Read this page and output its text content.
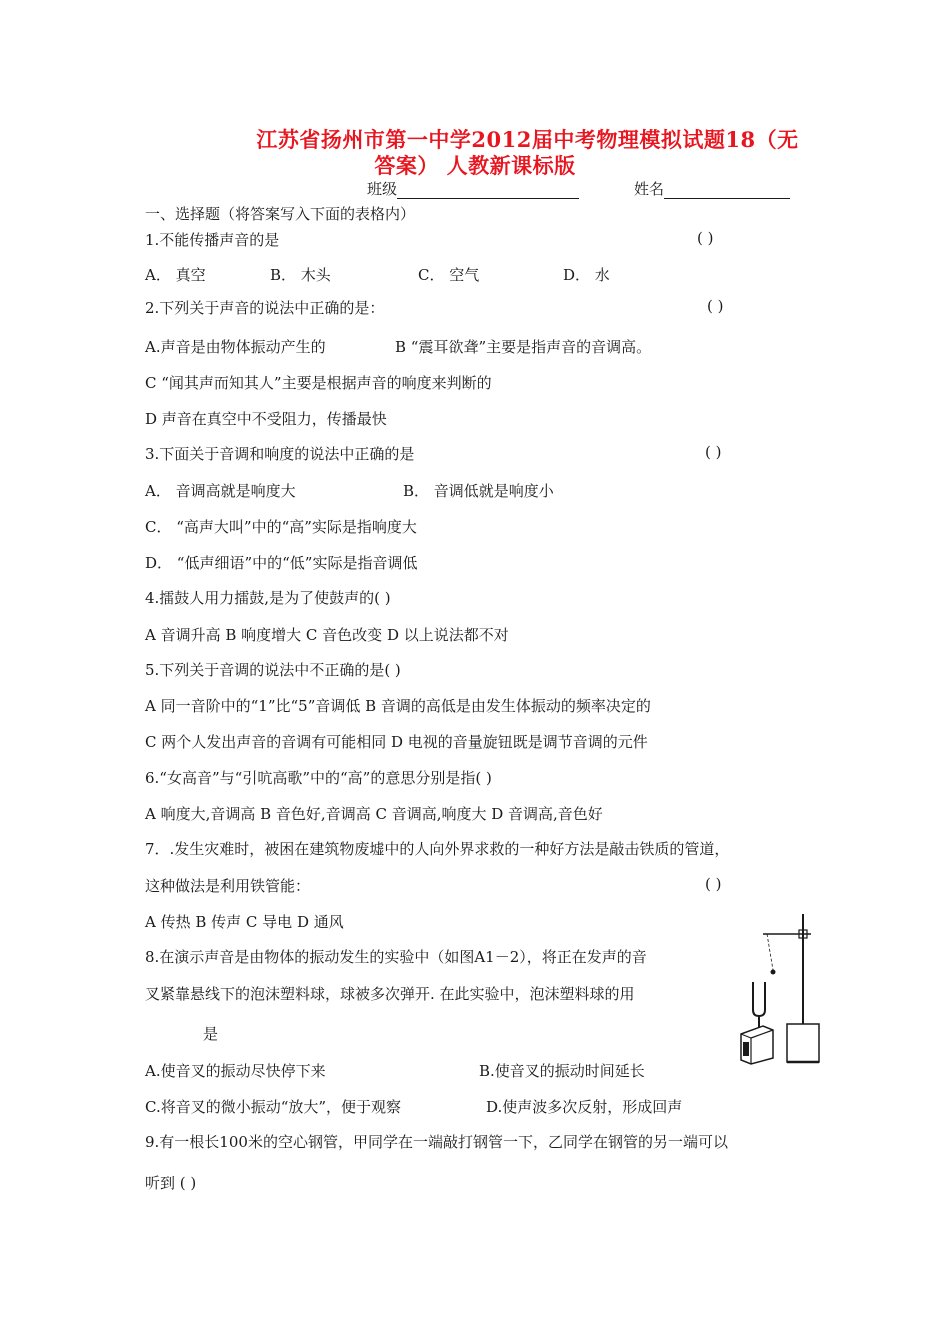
江苏省扬州市第一中学2012届中考物理模拟试题18（无
答案） 人教新课标版
班级	姓名
一、选择题（将答案写入下面的表格内）
1.不能传播声音的是	( )
A． 真空	B． 木头	C． 空气	D． 水
2.下列关于声音的说法中正确的是：	( )
A.声音是由物体振动产生的	B “震耳欲聋”主要是指声音的音调高。
C “闻其声而知其人”主要是根据声音的响度来判断的
D 声音在真空中不受阻力，传播最快
3.下面关于音调和响度的说法中正确的是	( )
A． 音调高就是响度大	B． 音调低就是响度小
C． “高声大叫”中的“高”实际是指响度大
D． “低声细语”中的“低”实际是指音调低
4.擂鼓人用力擂鼓,是为了使鼓声的( )
A 音调升高 B 响度增大 C 音色改变 D 以上说法都不对
5.下列关于音调的说法中不正确的是( )
A 同一音阶中的“1”比“5”音调低 B 音调的高低是由发生体振动的频率决定的
C 两个人发出声音的音调有可能相同 D 电视的音量旋钮既是调节音调的元件
6.“女高音”与“引吭高歌”中的“高”的意思分别是指( )
A 响度大,音调高 B 音色好,音调高 C 音调高,响度大 D 音调高,音色好
7．.发生灾难时，被困在建筑物废墟中的人向外界求救的一种好方法是敲击铁质的管道，
这种做法是利用铁管能：	( )
A 传热 B 传声 C 导电 D 通风
8.在演示声音是由物体的振动发生的实验中（如图A1－2），将正在发声的音
叉紧靠悬线下的泡沫塑料球，球被多次弹开. 在此实验中，泡沫塑料球的用
是
A.使音叉的振动尽快停下来	B.使音叉的振动时间延长
C.将音叉的微小振动“放大”，便于观察	D.使声波多次反射，形成回声
9.有一根长100米的空心钢管，甲同学在一端敲打钢管一下，乙同学在钢管的另一端可以
听到 ( )
